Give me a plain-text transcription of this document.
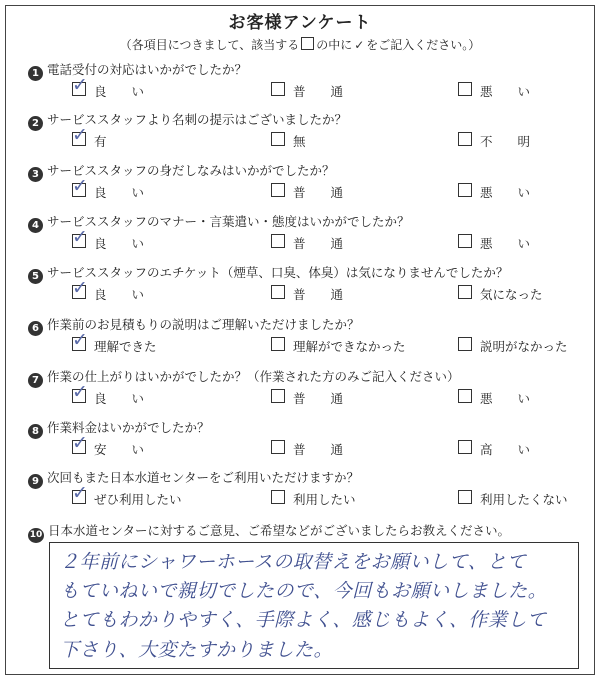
お客様アンケート
（各項目につきまして、該当する の中に ✓ をご記入ください。）
1 電話受付の対応はいかがでしたか？
✓ 良　　い	普　　通	悪　　い
2 サービススタッフより名刺の提示はございましたか？
✓ 有	無	不　　明
3 サービススタッフの身だしなみはいかがでしたか？
✓ 良　　い	普　　通	悪　　い
4 サービススタッフのマナー・言葉遣い・態度はいかがでしたか？
✓ 良　　い	普　　通	悪　　い
5 サービススタッフのエチケット（煙草、口臭、体臭）は気になりませんでしたか？
✓ 良　　い	普　　通	気になった
6 作業前のお見積もりの説明はご理解いただけましたか？
✓ 理解できた	理解ができなかった	説明がなかった
7 作業の仕上がりはいかがでしたか？（作業された方のみご記入ください）
✓ 良　　い	普　　通	悪　　い
8 作業料金はいかがでしたか？
✓ 安　　い	普　　通	高　　い
9 次回もまた日本水道センターをご利用いただけますか？
✓ ぜひ利用したい	利用したい	利用したくない
10 日本水道センターに対するご意見、ご希望などがございましたらお教えください。
２年前にシャワーホースの取替えをお願いして、とて
もていねいで親切でしたので、今回もお願いしました。
とてもわかりやすく、手際よく、感じもよく、作業して
下さり、大変たすかりました。
